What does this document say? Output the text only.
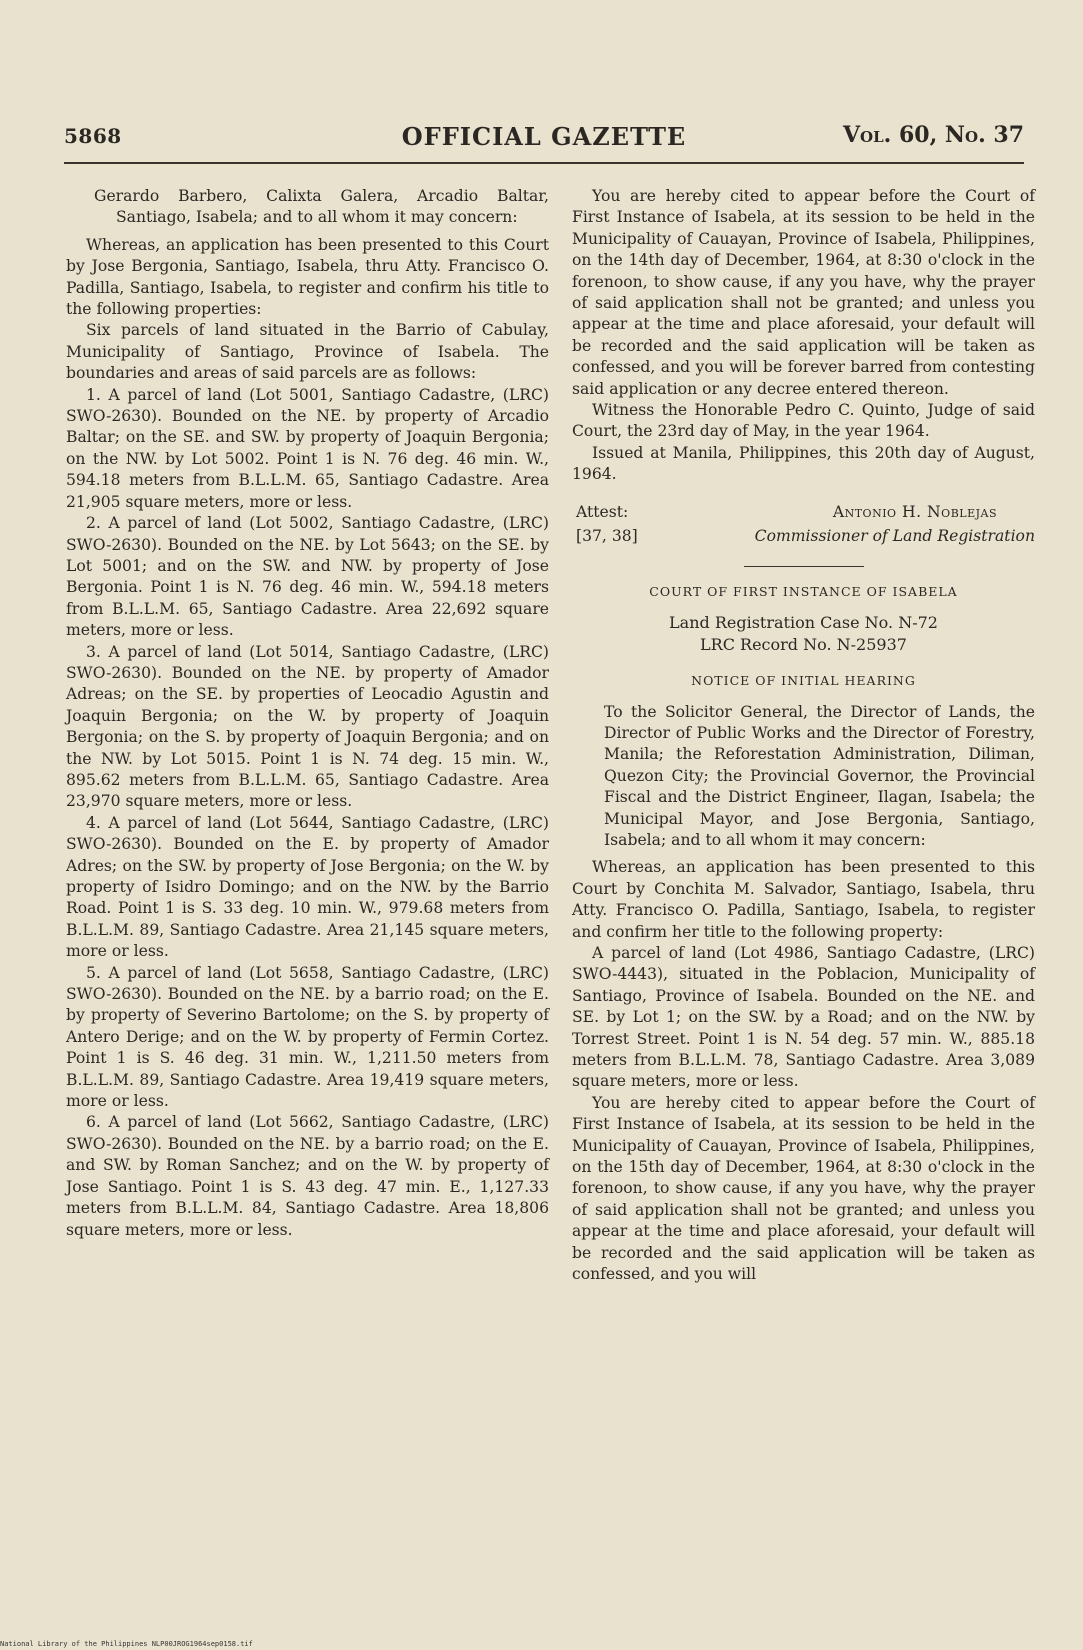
5868	OFFICIAL GAZETTE	Vol. 60, No. 37

Gerardo Barbero, Calixta Galera, Arcadio Baltar, Santiago, Isabela; and to all whom it may concern:

Whereas, an application has been presented to this Court by Jose Bergonia, Santiago, Isabela, thru Atty. Francisco O. Padilla, Santiago, Isabela, to register and confirm his title to the following properties:

Six parcels of land situated in the Barrio of Cabulay, Municipality of Santiago, Province of Isabela. The boundaries and areas of said parcels are as follows:

1. A parcel of land (Lot 5001, Santiago Cadastre, (LRC) SWO-2630). Bounded on the NE. by property of Arcadio Baltar; on the SE. and SW. by property of Joaquin Bergonia; on the NW. by Lot 5002. Point 1 is N. 76 deg. 46 min. W., 594.18 meters from B.L.L.M. 65, Santiago Cadastre. Area 21,905 square meters, more or less.

2. A parcel of land (Lot 5002, Santiago Cadastre, (LRC) SWO-2630). Bounded on the NE. by Lot 5643; on the SE. by Lot 5001; and on the SW. and NW. by property of Jose Bergonia. Point 1 is N. 76 deg. 46 min. W., 594.18 meters from B.L.L.M. 65, Santiago Cadastre. Area 22,692 square meters, more or less.

3. A parcel of land (Lot 5014, Santiago Cadastre, (LRC) SWO-2630). Bounded on the NE. by property of Amador Adreas; on the SE. by properties of Leocadio Agustin and Joaquin Bergonia; on the W. by property of Joaquin Bergonia; on the S. by property of Joaquin Bergonia; and on the NW. by Lot 5015. Point 1 is N. 74 deg. 15 min. W., 895.62 meters from B.L.L.M. 65, Santiago Cadastre. Area 23,970 square meters, more or less.

4. A parcel of land (Lot 5644, Santiago Cadastre, (LRC) SWO-2630). Bounded on the E. by property of Amador Adres; on the SW. by property of Jose Bergonia; on the W. by property of Isidro Domingo; and on the NW. by the Barrio Road. Point 1 is S. 33 deg. 10 min. W., 979.68 meters from B.L.L.M. 89, Santiago Cadastre. Area 21,145 square meters, more or less.

5. A parcel of land (Lot 5658, Santiago Cadastre, (LRC) SWO-2630). Bounded on the NE. by a barrio road; on the E. by property of Severino Bartolome; on the S. by property of Antero Derige; and on the W. by property of Fermin Cortez. Point 1 is S. 46 deg. 31 min. W., 1,211.50 meters from B.L.L.M. 89, Santiago Cadastre. Area 19,419 square meters, more or less.

6. A parcel of land (Lot 5662, Santiago Cadastre, (LRC) SWO-2630). Bounded on the NE. by a barrio road; on the E. and SW. by Roman Sanchez; and on the W. by property of Jose Santiago. Point 1 is S. 43 deg. 47 min. E., 1,127.33 meters from B.L.L.M. 84, Santiago Cadastre. Area 18,806 square meters, more or less.

You are hereby cited to appear before the Court of First Instance of Isabela, at its session to be held in the Municipality of Cauayan, Province of Isabela, Philippines, on the 14th day of December, 1964, at 8:30 o'clock in the forenoon, to show cause, if any you have, why the prayer of said application shall not be granted; and unless you appear at the time and place aforesaid, your default will be recorded and the said application will be taken as confessed, and you will be forever barred from contesting said application or any decree entered thereon.

Witness the Honorable Pedro C. Quinto, Judge of said Court, the 23rd day of May, in the year 1964.

Issued at Manila, Philippines, this 20th day of August, 1964.

Attest:
[37, 38]
Antonio H. Noblejas
Commissioner of Land Registration
COURT OF FIRST INSTANCE OF ISABELA
Land Registration Case No. N-72
LRC Record No. N-25937
NOTICE OF INITIAL HEARING

To the Solicitor General, the Director of Lands, the Director of Public Works and the Director of Forestry, Manila; the Reforestation Administration, Diliman, Quezon City; the Provincial Governor, the Provincial Fiscal and the District Engineer, Ilagan, Isabela; the Municipal Mayor, and Jose Bergonia, Santiago, Isabela; and to all whom it may concern:

Whereas, an application has been presented to this Court by Conchita M. Salvador, Santiago, Isabela, thru Atty. Francisco O. Padilla, Santiago, Isabela, to register and confirm her title to the following property:

A parcel of land (Lot 4986, Santiago Cadastre, (LRC) SWO-4443), situated in the Poblacion, Municipality of Santiago, Province of Isabela. Bounded on the NE. and SE. by Lot 1; on the SW. by a Road; and on the NW. by Torrest Street. Point 1 is N. 54 deg. 57 min. W., 885.18 meters from B.L.L.M. 78, Santiago Cadastre. Area 3,089 square meters, more or less.

You are hereby cited to appear before the Court of First Instance of Isabela, at its session to be held in the Municipality of Cauayan, Province of Isabela, Philippines, on the 15th day of December, 1964, at 8:30 o'clock in the forenoon, to show cause, if any you have, why the prayer of said application shall not be granted; and unless you appear at the time and place aforesaid, your default will be recorded and the said application will be taken as confessed, and you will

National Library of the Philippines NLP00JROG1964sep0158.tif
